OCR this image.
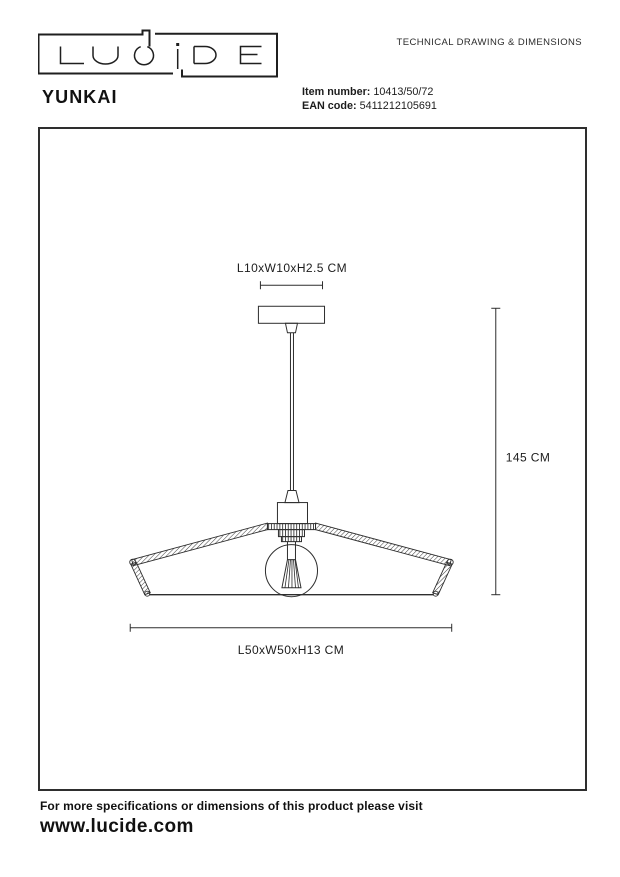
TECHNICAL DRAWING & DIMENSIONS
YUNKAI	Item number: 10413/50/72
EAN code: 5411212105691
L10xW10xH2.5 CM
145 CM
L50xW50xH13 CM
For more specifications or dimensions of this product please visit
www.lucide.com
